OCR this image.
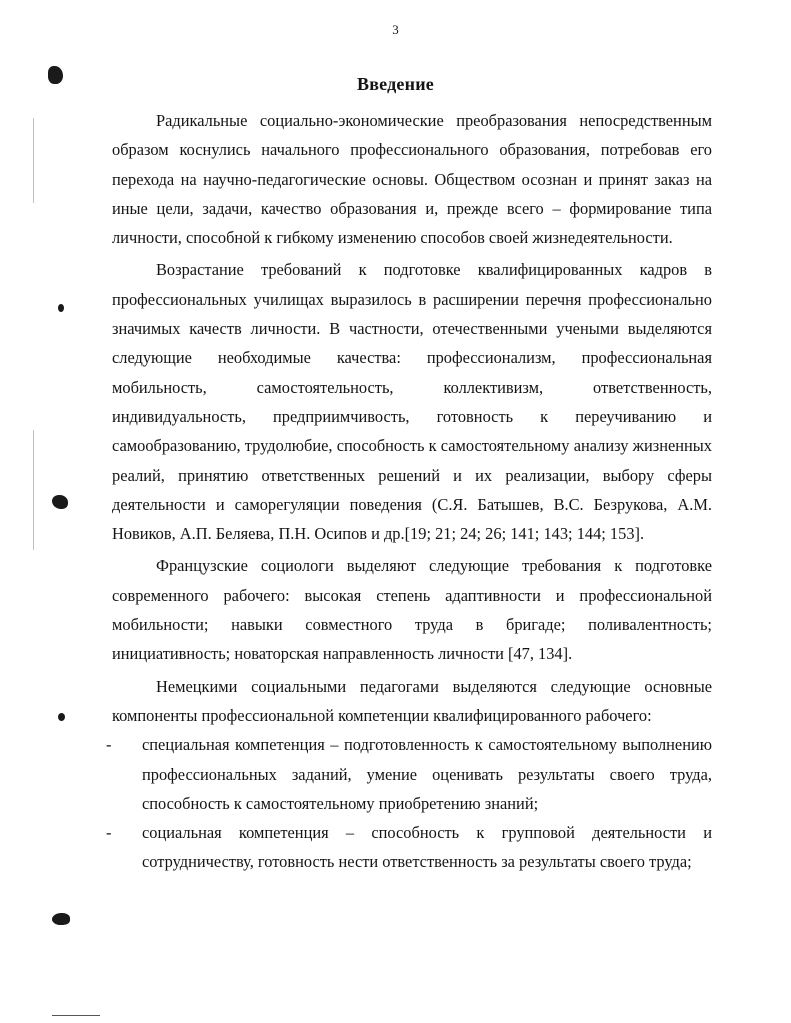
3
Введение

Радикальные социально-экономические преобразования непосредственным образом коснулись начального профессионального образования, потребовав его перехода на научно-педагогические основы. Обществом осознан и принят заказ на иные цели, задачи, качество образования и, прежде всего – формирование типа личности, способной к гибкому изменению способов своей жизнедеятельности.

Возрастание требований к подготовке квалифицированных кадров в профессиональных училищах выразилось в расширении перечня профессионально значимых качеств личности. В частности, отечественными учеными выделяются следующие необходимые качества: профессионализм, профессиональная мобильность, самостоятельность, коллективизм, ответственность, индивидуальность, предприимчивость, готовность к переучиванию и самообразованию, трудолюбие, способность к самостоятельному анализу жизненных реалий, принятию ответственных решений и их реализации, выбору сферы деятельности и саморегуляции поведения (С.Я. Батышев, В.С. Безрукова, А.М. Новиков, А.П. Беляева, П.Н. Осипов и др.[19; 21; 24; 26; 141; 143; 144; 153].

Французские социологи выделяют следующие требования к подготовке современного рабочего: высокая степень адаптивности и профессиональной мобильности; навыки совместного труда в бригаде; поливалентность; инициативность; новаторская направленность личности [47, 134].

Немецкими социальными педагогами выделяются следующие основные компоненты профессиональной компетенции квалифицированного рабочего:

- специальная компетенция – подготовленность к самостоятельному выполнению профессиональных заданий, умение оценивать результаты своего труда, способность к самостоятельному приобретению знаний;
- социальная компетенция – способность к групповой деятельности и сотрудничеству, готовность нести ответственность за результаты своего труда;
